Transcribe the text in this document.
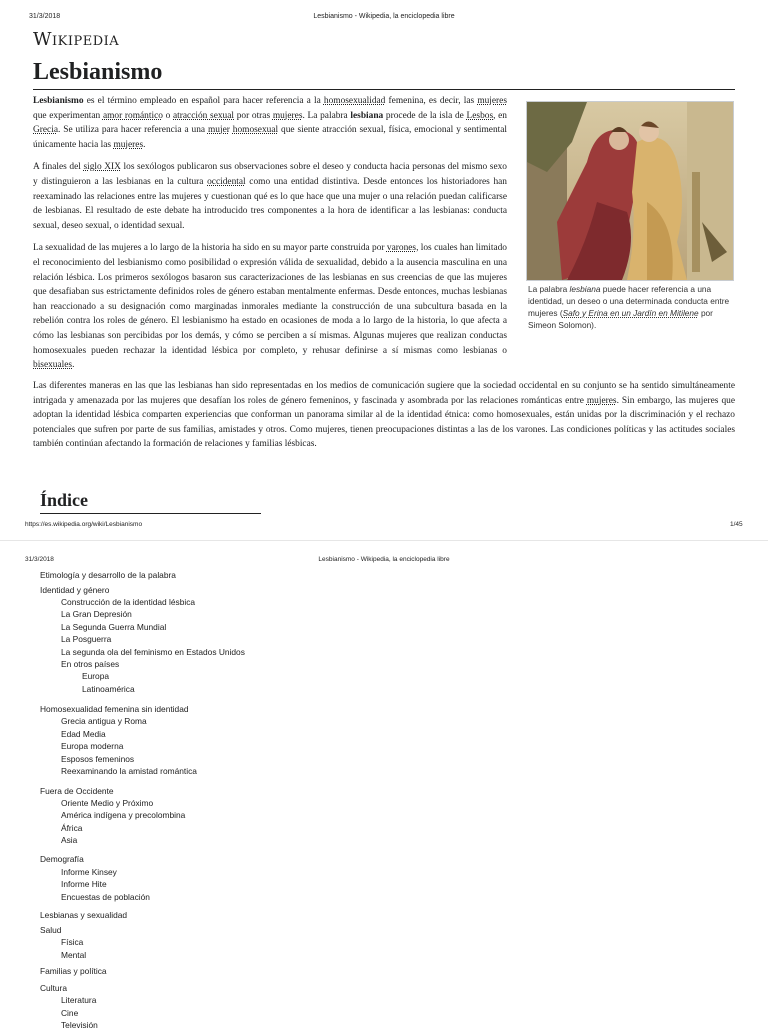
31/3/2018	Lesbianismo - Wikipedia, la enciclopedia libre
Wikipedia
Lesbianismo

Lesbianismo es el término empleado en español para hacer referencia a la homosexualidad femenina, es decir, las mujeres que experimentan amor romántico o atracción sexual por otras mujeres. La palabra lesbiana procede de la isla de Lesbos, en Grecia. Se utiliza para hacer referencia a una mujer homosexual que siente atracción sexual, física, emocional y sentimental únicamente hacia las mujeres.

A finales del siglo XIX los sexólogos publicaron sus observaciones sobre el deseo y conducta hacia personas del mismo sexo y distinguieron a las lesbianas en la cultura occidental como una entidad distintiva. Desde entonces los historiadores han reexaminado las relaciones entre las mujeres y cuestionan qué es lo que hace que una mujer o una relación puedan calificarse de lesbianas. El resultado de este debate ha introducido tres componentes a la hora de identificar a las lesbianas: conducta sexual, deseo sexual, o identidad sexual.

La sexualidad de las mujeres a lo largo de la historia ha sido en su mayor parte construida por varones, los cuales han limitado el reconocimiento del lesbianismo como posibilidad o expresión válida de sexualidad, debido a la ausencia masculina en una relación lésbica. Los primeros sexólogos basaron sus caracterizaciones de las lesbianas en sus creencias de que las mujeres que desafiaban sus estrictamente definidos roles de género estaban mentalmente enfermas. Desde entonces, muchas lesbianas han reaccionado a su designación como marginadas inmorales mediante la construcción de una subcultura basada en la rebelión contra los roles de género. El lesbianismo ha estado en ocasiones de moda a lo largo de la historia, lo que afecta a cómo las lesbianas son percibidas por los demás, y cómo se perciben a sí mismas. Algunas mujeres que realizan conductas homosexuales pueden rechazar la identidad lésbica por completo, y rehusar definirse a sí mismas como lesbianas o bisexuales.

Las diferentes maneras en las que las lesbianas han sido representadas en los medios de comunicación sugiere que la sociedad occidental en su conjunto se ha sentido simultáneamente intrigada y amenazada por las mujeres que desafían los roles de género femeninos, y fascinada y asombrada por las relaciones románticas entre mujeres. Sin embargo, las mujeres que adoptan la identidad lésbica comparten experiencias que conforman un panorama similar al de la identidad étnica: como homosexuales, están unidas por la discriminación y el rechazo potenciales que sufren por parte de sus familias, amistades y otros. Como mujeres, tienen preocupaciones distintas a las de los varones. Las condiciones políticas y las actitudes sociales también continúan afectando la formación de relaciones y familias lésbicas.

La palabra lesbiana puede hacer referencia a una identidad, un deseo o una determinada conducta entre mujeres (Safo y Erina en un Jardín en Mitilene por Simeon Solomon).
Índice
https://es.wikipedia.org/wiki/Lesbianismo	1/45
31/3/2018	Lesbianismo - Wikipedia, la enciclopedia libre
Etimología y desarrollo de la palabra
Identidad y género
Construcción de la identidad lésbica
La Gran Depresión
La Segunda Guerra Mundial
La Posguerra
La segunda ola del feminismo en Estados Unidos
En otros países
Europa
Latinoamérica
Homosexualidad femenina sin identidad
Grecia antigua y Roma
Edad Media
Europa moderna
Esposos femeninos
Reexaminando la amistad romántica
Fuera de Occidente
Oriente Medio y Próximo
América indígena y precolombina
África
Asia
Demografía
Informe Kinsey
Informe Hite
Encuestas de población
Lesbianas y sexualidad
Salud
Física
Mental
Familias y política
Cultura
Literatura
Cine
Televisión
